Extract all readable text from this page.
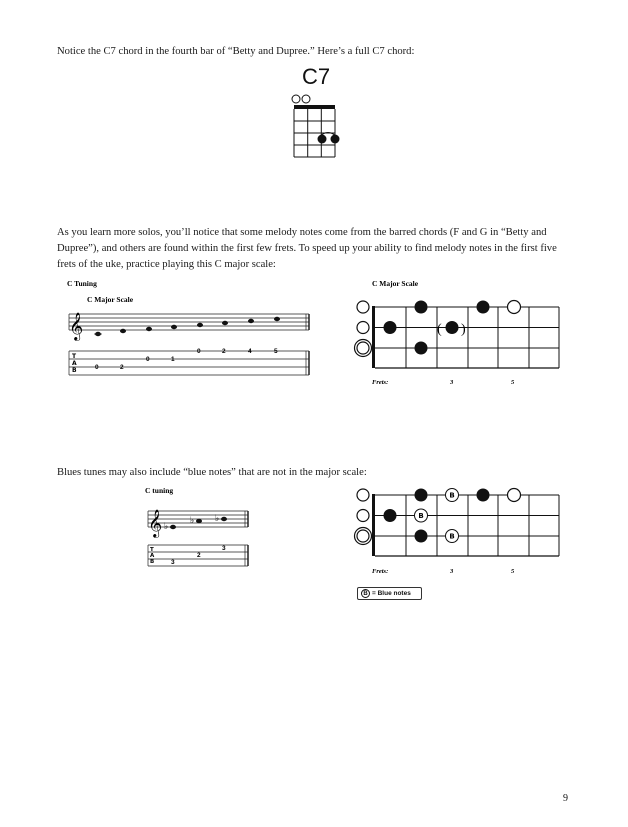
Notice the C7 chord in the fourth bar of “Betty and Dupree.” Here’s a full C7 chord:

C7

As you learn more solos, you’ll notice that some melody notes come from the barred chords (F and G in “Betty and Dupree”), and others are found within the first few frets. To speed up your ability to find melody notes in the first five frets of the uke, practice playing this C major scale:

C Tuning
C Major Scale
𝄞
T
A
B	0	2
0	1
0	2	4	5
C Major Scale
( )
Frets:	3	5

Blues tunes may also include “blue notes” that are not in the major scale:

C tuning
𝄞 ♭
♭ ♭
T
A
B	3
2
3
B
B
B
Frets:	3	5
B = Blue notes
9
